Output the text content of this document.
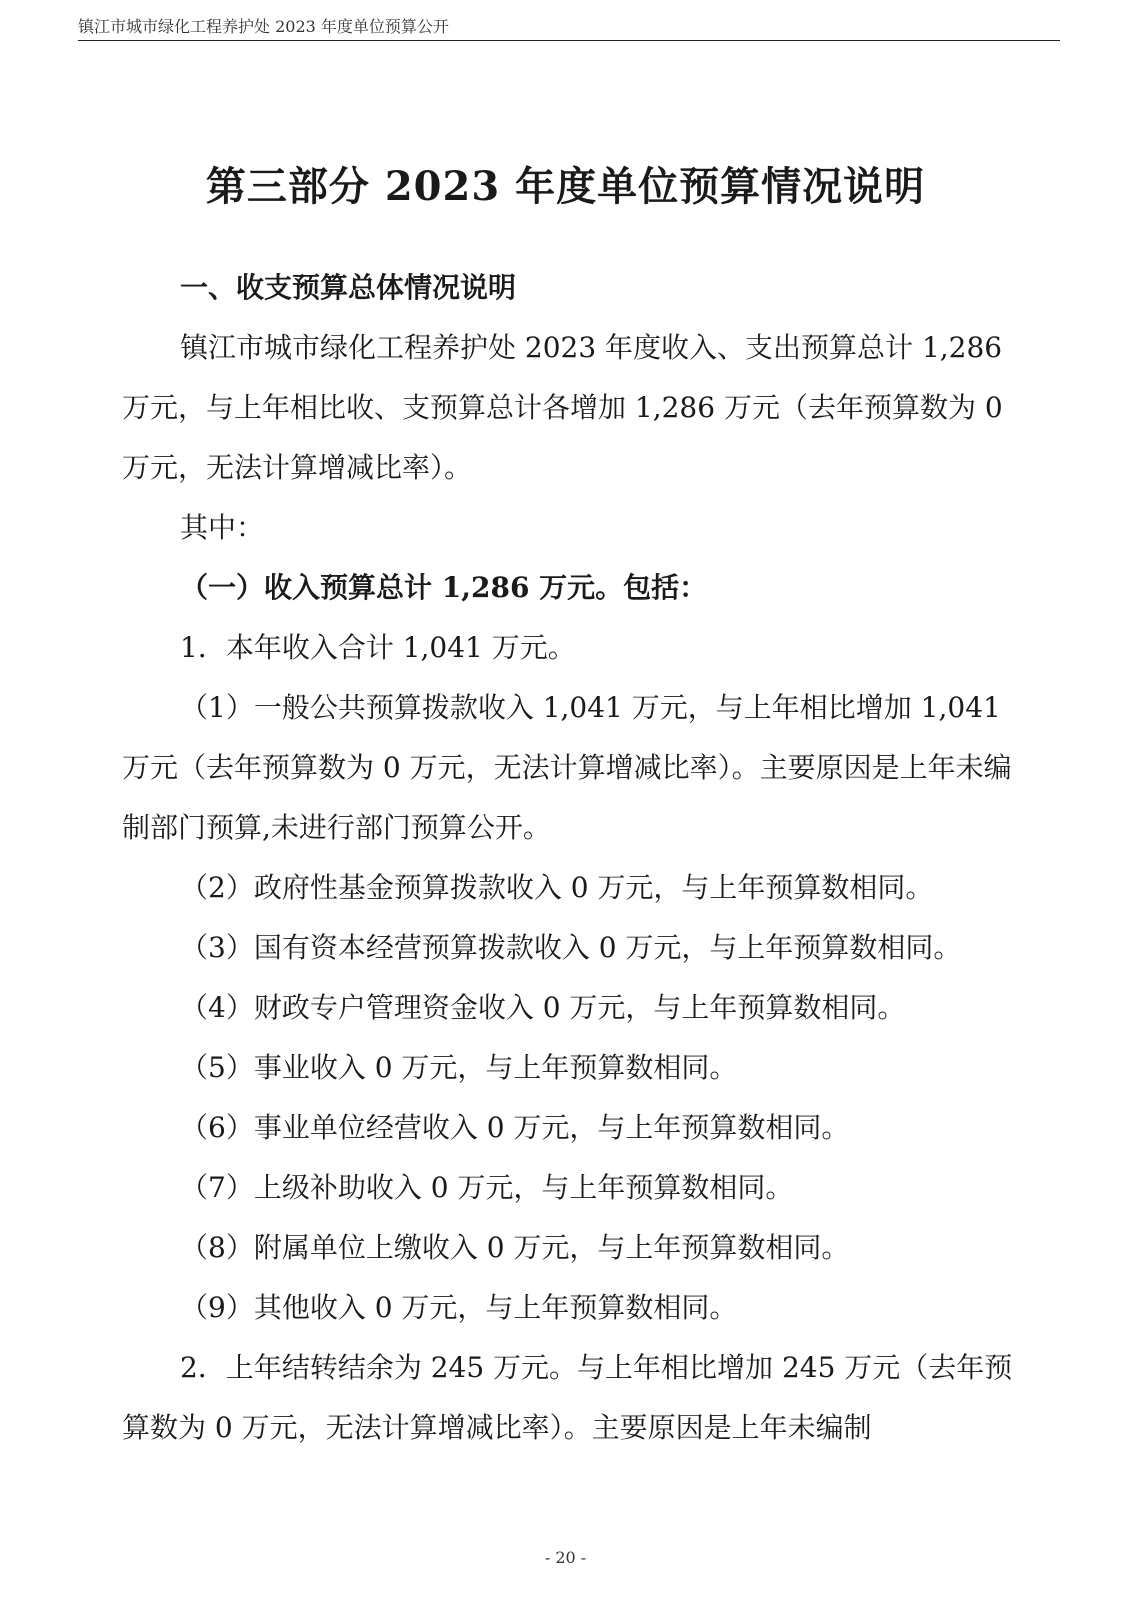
镇江市城市绿化工程养护处 2023 年度单位预算公开
第三部分 2023 年度单位预算情况说明

一、收支预算总体情况说明

镇江市城市绿化工程养护处 2023 年度收入、支出预算总计 1,286 万元，与上年相比收、支预算总计各增加 1,286 万元（去年预算数为 0 万元，无法计算增减比率）。

其中：

（一）收入预算总计 1,286 万元。包括：

1．本年收入合计 1,041 万元。

（1）一般公共预算拨款收入 1,041 万元，与上年相比增加 1,041 万元（去年预算数为 0 万元，无法计算增减比率）。主要原因是上年未编制部门预算,未进行部门预算公开。

（2）政府性基金预算拨款收入 0 万元，与上年预算数相同。

（3）国有资本经营预算拨款收入 0 万元，与上年预算数相同。

（4）财政专户管理资金收入 0 万元，与上年预算数相同。

（5）事业收入 0 万元，与上年预算数相同。

（6）事业单位经营收入 0 万元，与上年预算数相同。

（7）上级补助收入 0 万元，与上年预算数相同。

（8）附属单位上缴收入 0 万元，与上年预算数相同。

（9）其他收入 0 万元，与上年预算数相同。

2．上年结转结余为 245 万元。与上年相比增加 245 万元（去年预算数为 0 万元，无法计算增减比率）。主要原因是上年未编制

- 20 -
